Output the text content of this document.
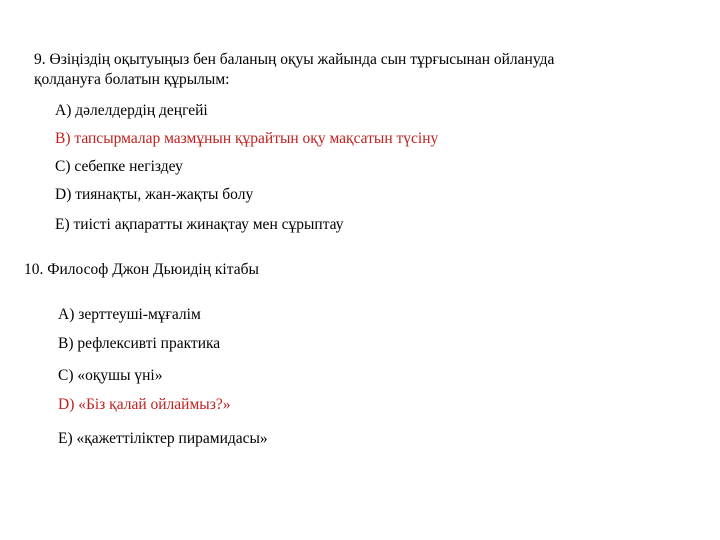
9. Өзіңіздің оқытуыңыз бен баланың оқуы жайында сын тұрғысынан ойлануда
қолдануға болатын құрылым:
A) дәлелдердің деңгейі
B) тапсырмалар мазмұнын құрайтын оқу мақсатын түсіну
C) себепке негіздеу
D) тиянақты, жан-жақты болу
E) тиісті ақпаратты жинақтау мен сұрыптау
10. Философ Джон Дьюидің кітабы
A) зерттеуші-мұғалім
B) рефлексивті практика
C) «оқушы үні»
D) «Біз қалай ойлаймыз?»
E) «қажеттіліктер пирамидасы»
